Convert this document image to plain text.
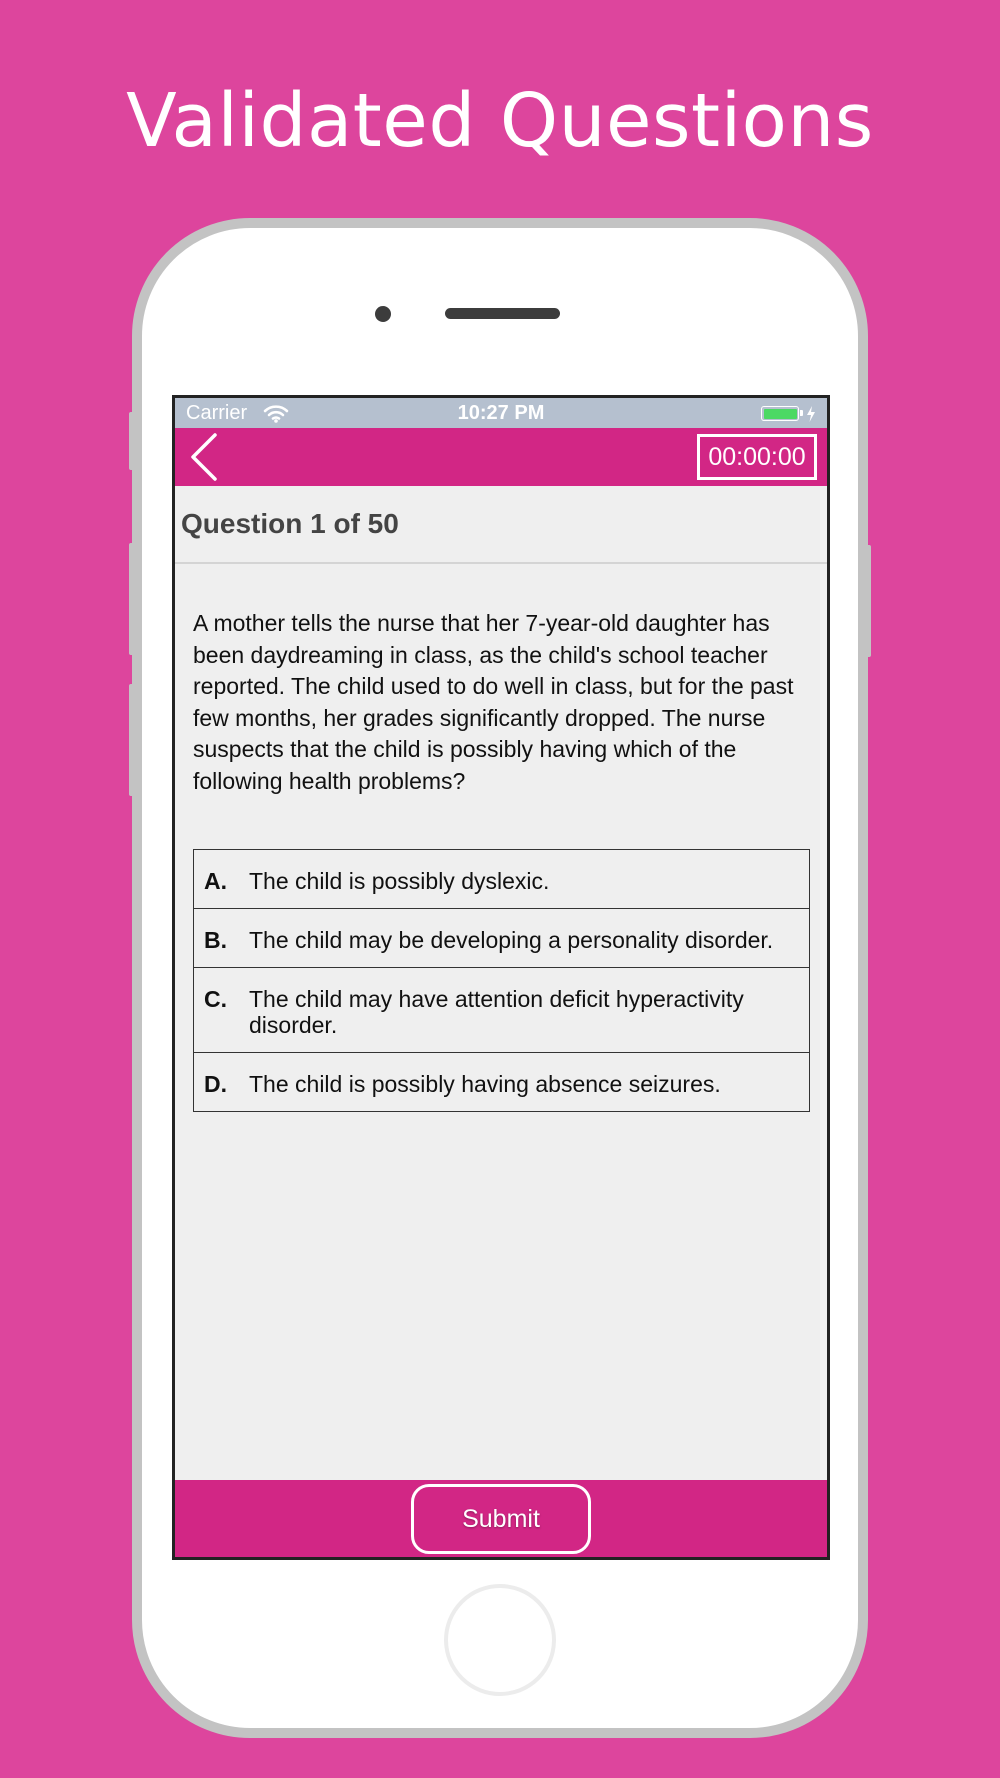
Validated Questions
Carrier	10:27 PM
00:00:00
Question 1 of 50
A mother tells the nurse that her 7-year-old daughter has been daydreaming in class, as the child's school teacher reported. The child used to do well in class, but for the past few months, her grades significantly dropped. The nurse suspects that the child is possibly having which of the following health problems?
A. The child is possibly dyslexic.
B. The child may be developing a personality disorder.
C. The child may have attention deficit hyperactivity disorder.
D. The child is possibly having absence seizures.
Submit
